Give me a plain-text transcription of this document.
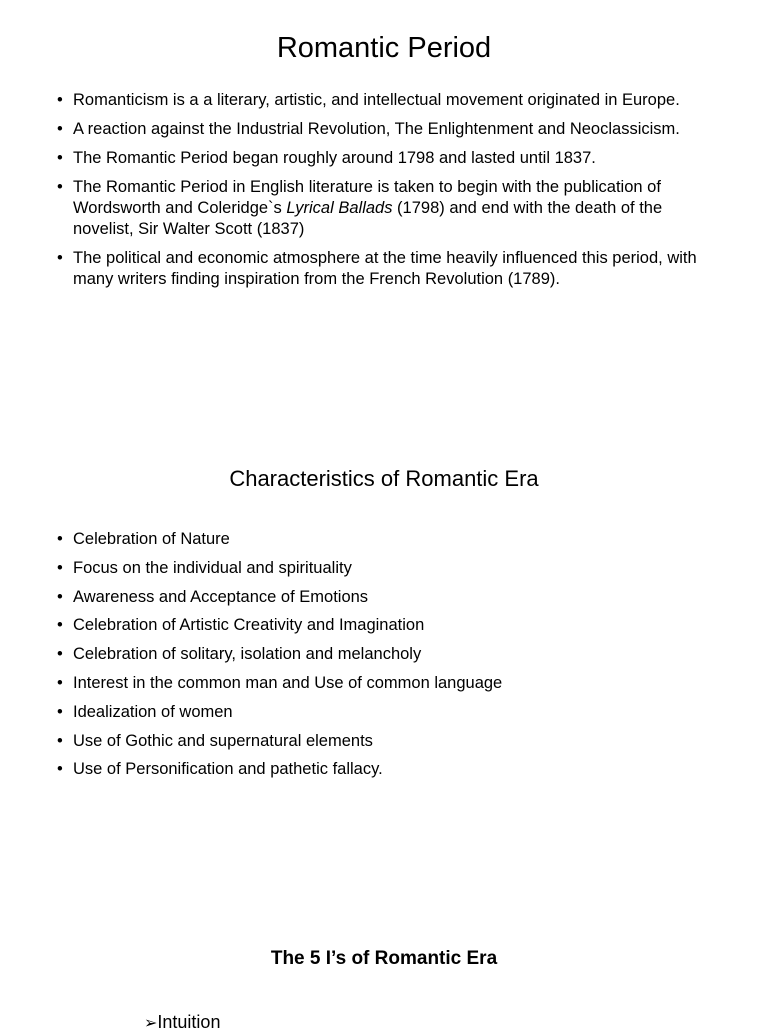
Romantic Period
• Romanticism is a a literary, artistic, and intellectual movement originated in Europe.
• A reaction against the Industrial Revolution, The Enlightenment and Neoclassicism.
• The Romantic Period began roughly around 1798 and lasted until 1837.
• The Romantic Period in English literature is taken to begin with the publication of Wordsworth and Coleridge`s Lyrical Ballads (1798) and end with the death of the novelist, Sir Walter Scott (1837)
• The political and economic atmosphere at the time heavily influenced this period, with many writers finding inspiration from the French Revolution (1789).
Characteristics of Romantic Era
• Celebration of Nature
• Focus on the individual and spirituality
• Awareness and Acceptance of Emotions
• Celebration of Artistic Creativity and Imagination
• Celebration of solitary, isolation and melancholy
• Interest in the common man and Use of common language
• Idealization of women
• Use of Gothic and supernatural elements
• Use of Personification and pathetic fallacy.
The 5 I’s of Romantic Era
➢Intuition
